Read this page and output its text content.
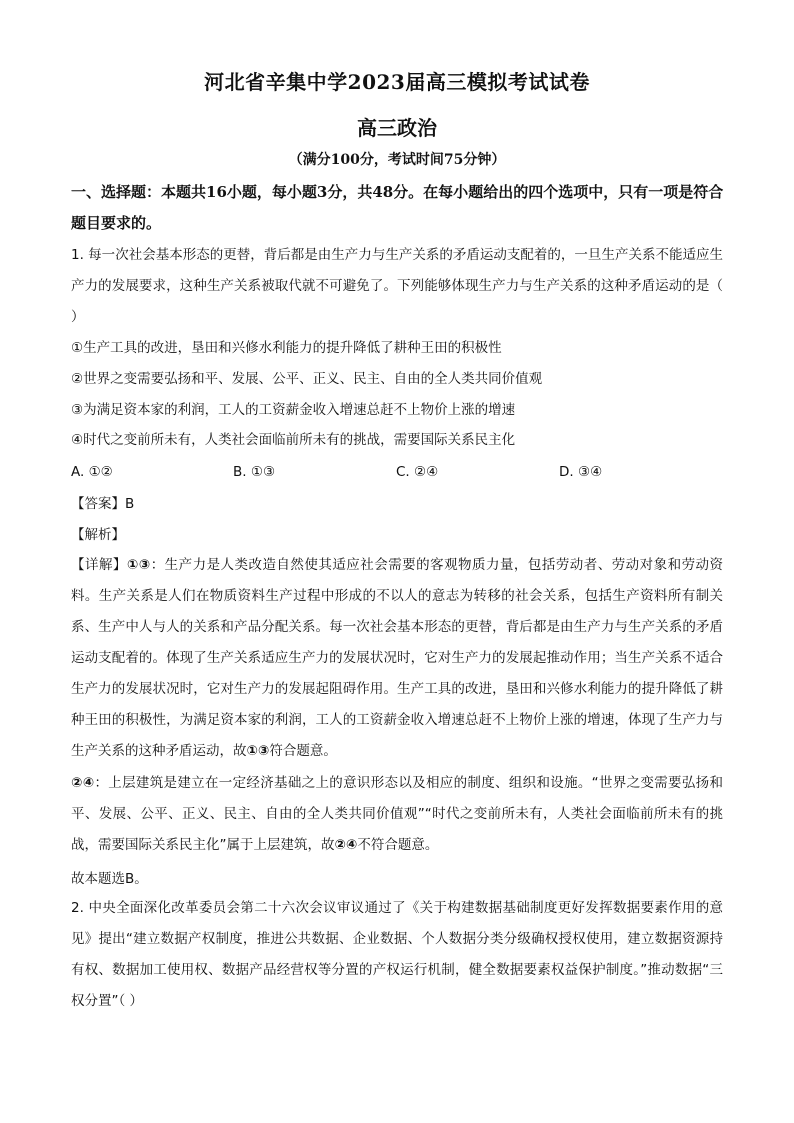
河北省辛集中学2023届高三模拟考试试卷
高三政治
（满分100分，考试时间75分钟）
一、选择题：本题共16小题，每小题3分，共48分。在每小题给出的四个选项中，只有一项是符合题目要求的。
1. 每一次社会基本形态的更替，背后都是由生产力与生产关系的矛盾运动支配着的，一旦生产关系不能适应生产力的发展要求，这种生产关系被取代就不可避免了。下列能够体现生产力与生产关系的这种矛盾运动的是（ ）
①生产工具的改进，垦田和兴修水利能力的提升降低了耕种王田的积极性
②世界之变需要弘扬和平、发展、公平、正义、民主、自由的全人类共同价值观
③为满足资本家的利润，工人的工资薪金收入增速总赶不上物价上涨的增速
④时代之变前所未有，人类社会面临前所未有的挑战，需要国际关系民主化
A. ①②	B. ①③	C. ②④	D. ③④
【答案】B
【解析】
【详解】①③：生产力是人类改造自然使其适应社会需要的客观物质力量，包括劳动者、劳动对象和劳动资料。生产关系是人们在物质资料生产过程中形成的不以人的意志为转移的社会关系，包括生产资料所有制关系、生产中人与人的关系和产品分配关系。每一次社会基本形态的更替，背后都是由生产力与生产关系的矛盾运动支配着的。体现了生产关系适应生产力的发展状况时，它对生产力的发展起推动作用；当生产关系不适合生产力的发展状况时，它对生产力的发展起阻碍作用。生产工具的改进，垦田和兴修水利能力的提升降低了耕种王田的积极性，为满足资本家的利润，工人的工资薪金收入增速总赶不上物价上涨的增速，体现了生产力与生产关系的这种矛盾运动，故①③符合题意。
②④：上层建筑是建立在一定经济基础之上的意识形态以及相应的制度、组织和设施。“世界之变需要弘扬和平、发展、公平、正义、民主、自由的全人类共同价值观”“时代之变前所未有，人类社会面临前所未有的挑战，需要国际关系民主化”属于上层建筑，故②④不符合题意。
故本题选B。
2. 中央全面深化改革委员会第二十六次会议审议通过了《关于构建数据基础制度更好发挥数据要素作用的意见》提出“建立数据产权制度，推进公共数据、企业数据、个人数据分类分级确权授权使用，建立数据资源持有权、数据加工使用权、数据产品经营权等分置的产权运行机制，健全数据要素权益保护制度。”推动数据“三权分置”（ ）
